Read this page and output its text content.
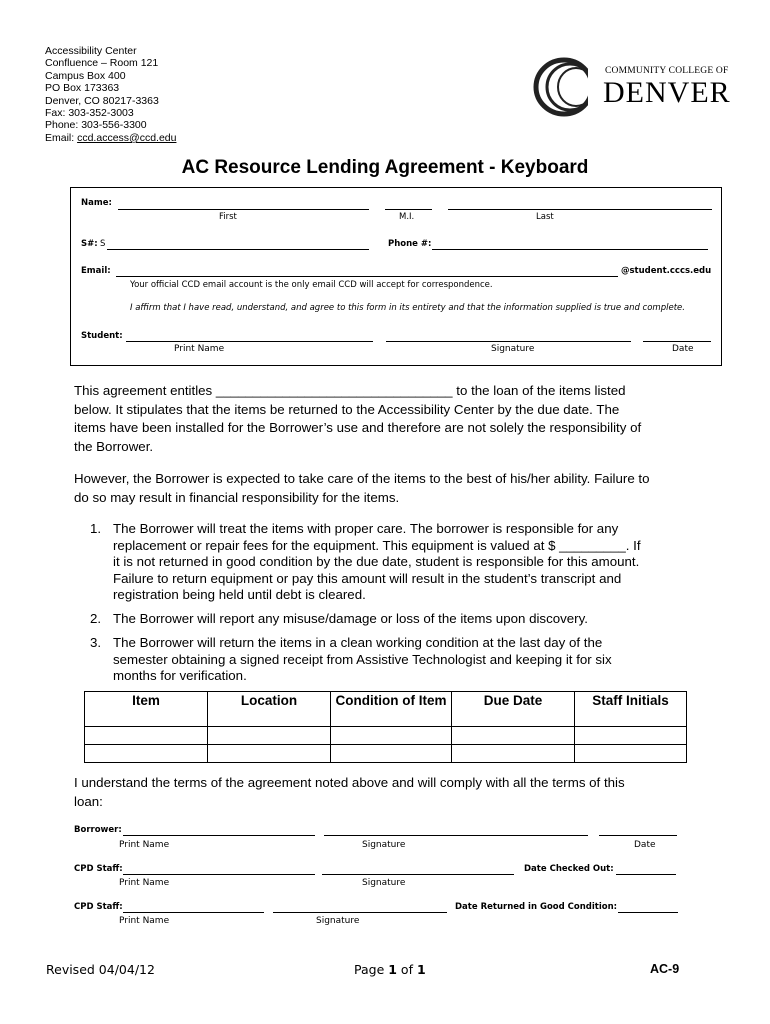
Accessibility Center
Confluence – Room 121
Campus Box 400
PO Box 173363
Denver, CO 80217-3363
Fax: 303-352-3003
Phone: 303-556-3300
Email: ccd.access@ccd.edu
COMMUNITY COLLEGE OF
DENVER
AC Resource Lending Agreement - Keyboard
Name:
First	M.I.	Last
S#: S	Phone #:
Email:	@student.cccs.edu
Your official CCD email account is the only email CCD will accept for correspondence.
I affirm that I have read, understand, and agree to this form in its entirety and that the information supplied is true and complete.
Student:
Print Name	Signature	Date
This agreement entitles ________________________________ to the loan of the items listed
below. It stipulates that the items be returned to the Accessibility Center by the due date. The
items have been installed for the Borrower’s use and therefore are not solely the responsibility of
the Borrower.
However, the Borrower is expected to take care of the items to the best of his/her ability. Failure to
do so may result in financial responsibility for the items.
1. The Borrower will treat the items with proper care. The borrower is responsible for any
replacement or repair fees for the equipment. This equipment is valued at $ _________. If
it is not returned in good condition by the due date, student is responsible for this amount.
Failure to return equipment or pay this amount will result in the student’s transcript and
registration being held until debt is cleared.
2. The Borrower will report any misuse/damage or loss of the items upon discovery.
3. The Borrower will return the items in a clean working condition at the last day of the
semester obtaining a signed receipt from Assistive Technologist and keeping it for six
months for verification.
Item	Location	Condition of Item	Due Date	Staff Initials

I understand the terms of the agreement noted above and will comply with all the terms of this
loan:
Borrower:
Print Name	Signature	Date
CPD Staff:	Date Checked Out:
Print Name	Signature
CPD Staff:	Date Returned in Good Condition:
Print Name	Signature
Revised 04/04/12	Page 1 of 1	AC-9
